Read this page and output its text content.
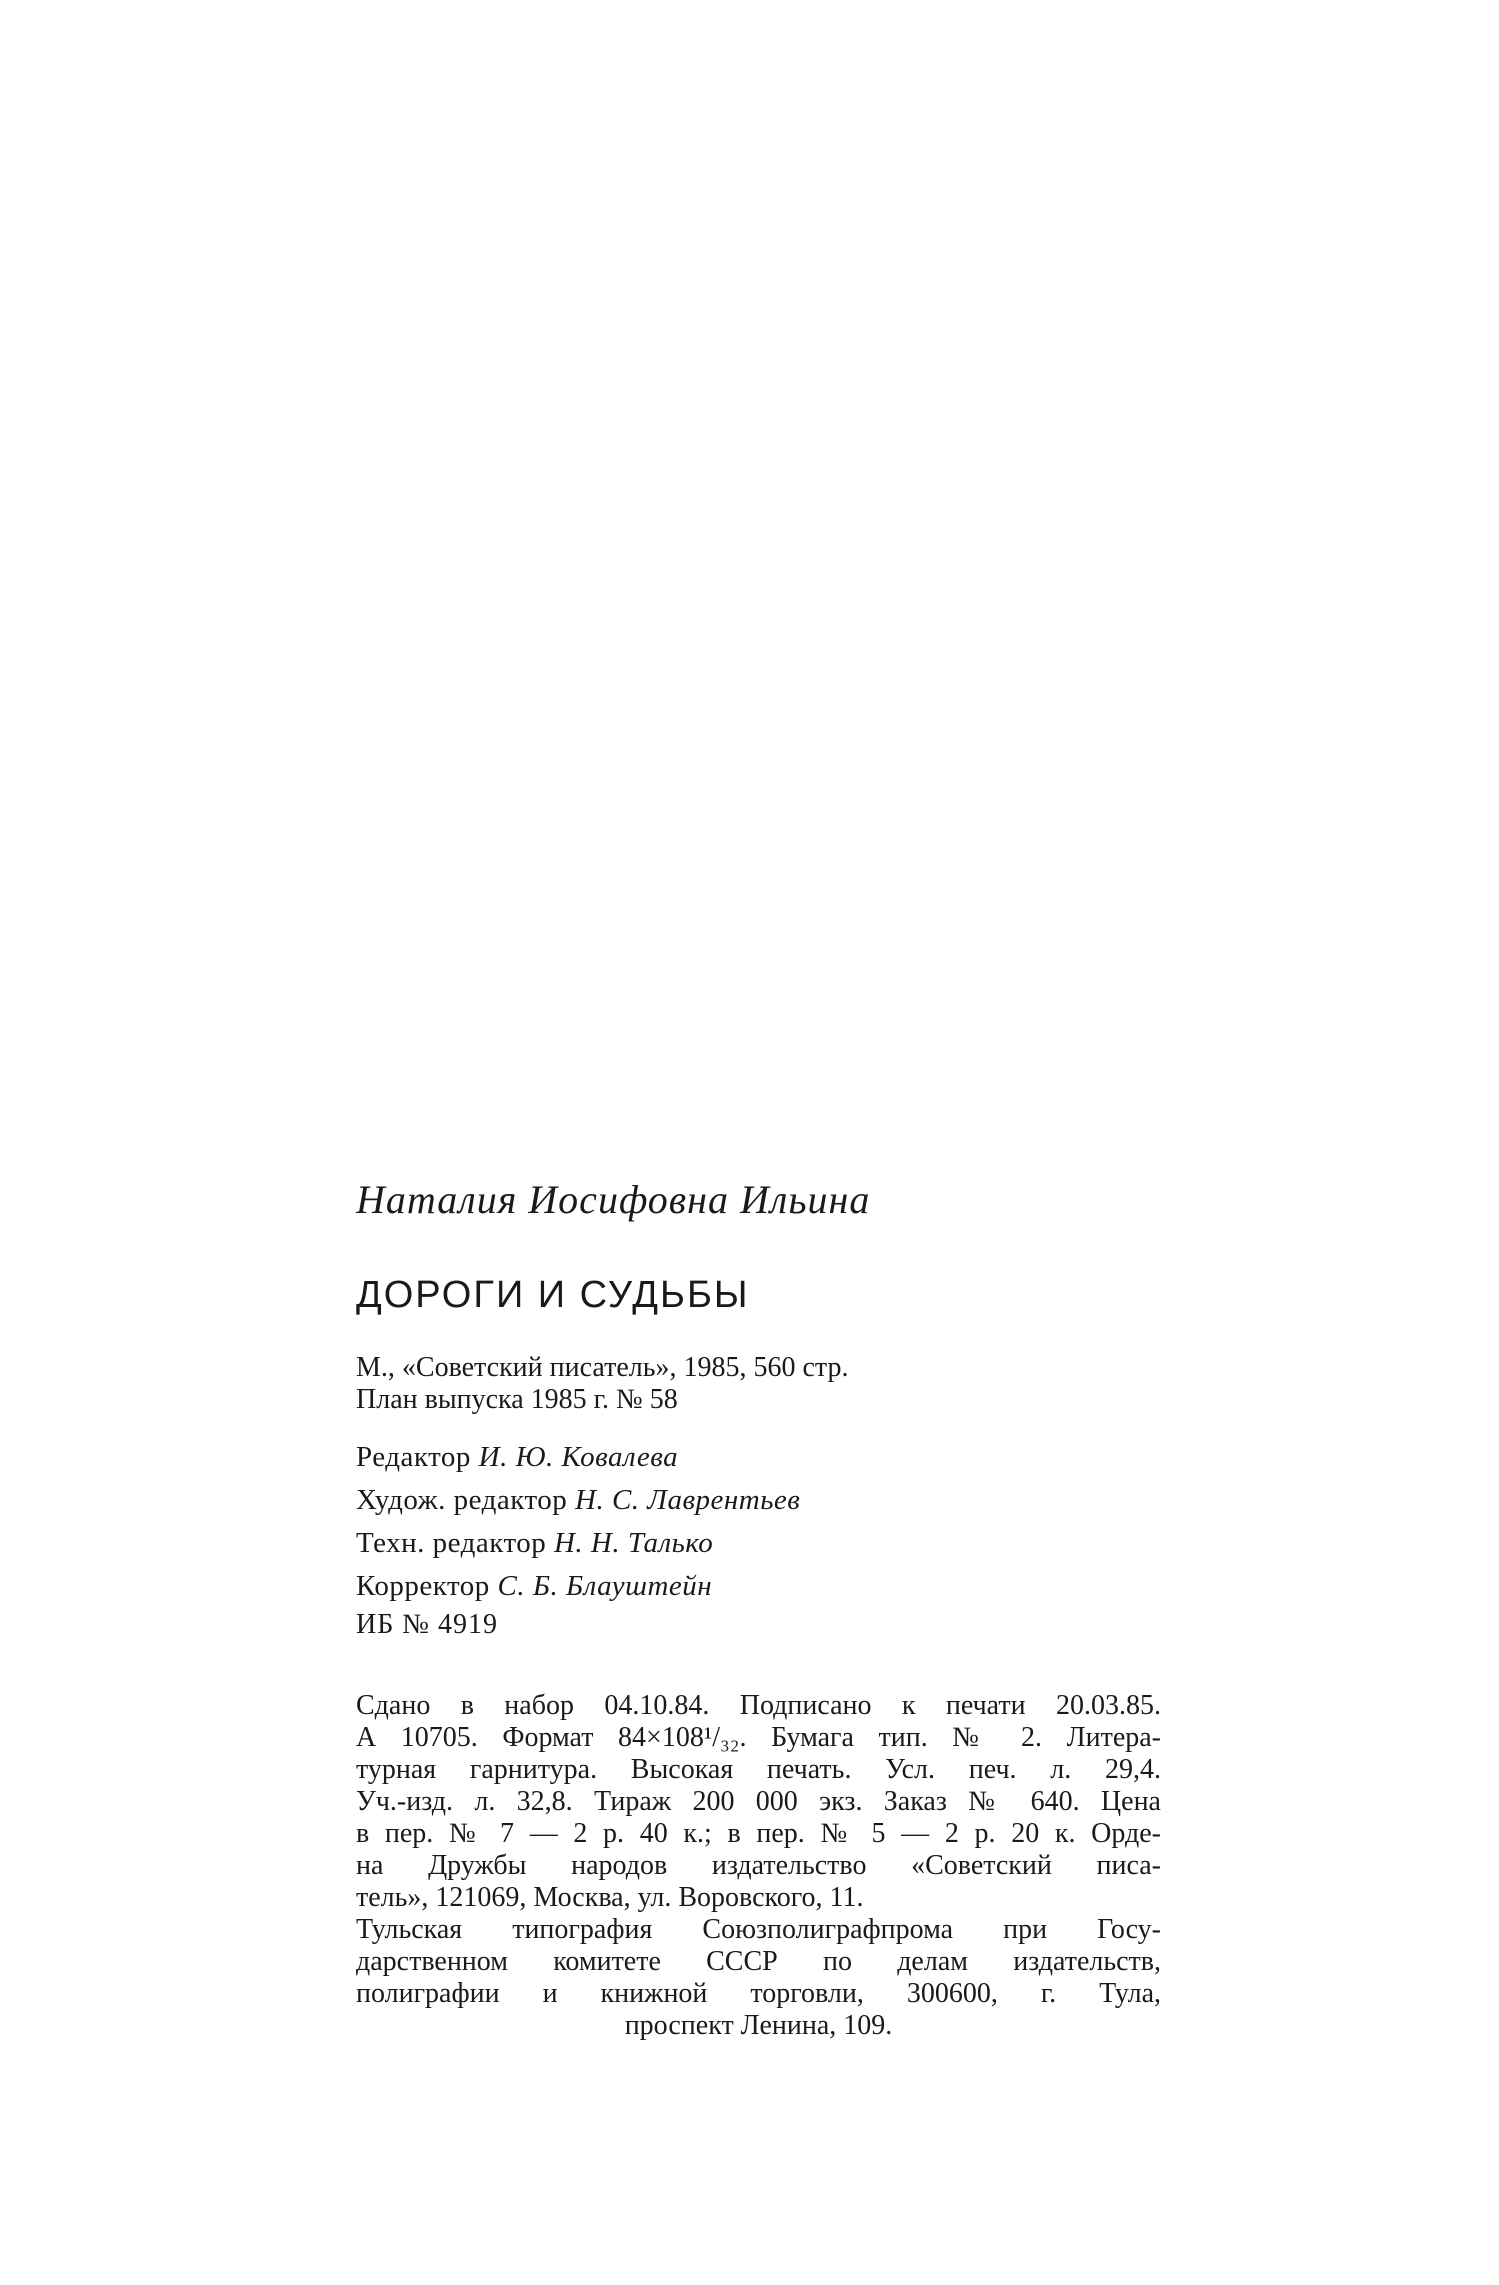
Наталия Иосифовна Ильина

ДОРОГИ И СУДЬБЫ

М., «Советский писатель», 1985, 560 стр.
План выпуска 1985 г. № 58
Редактор И. Ю. Ковалева
Худож. редактор Н. С. Лаврентьев
Техн. редактор Н. Н. Талько
Корректор С. Б. Блауштейн
ИБ № 4919
Сдано в набор 04.10.84. Подписано к печати 20.03.85.
А 10705. Формат 84×108¹/₃₂. Бумага тип. № 2. Литера-
турная гарнитура. Высокая печать. Усл. печ. л. 29,4.
Уч.-изд. л. 32,8. Тираж 200 000 экз. Заказ № 640. Цена
в пер. № 7 — 2 р. 40 к.; в пер. № 5 — 2 р. 20 к. Орде-
на Дружбы народов издательство «Советский писа-
тель», 121069, Москва, ул. Воровского, 11.
Тульская типография Союзполиграфпрома при Госу-
дарственном комитете СССР по делам издательств,
полиграфии и книжной торговли, 300600, г. Тула,
проспект Ленина, 109.
